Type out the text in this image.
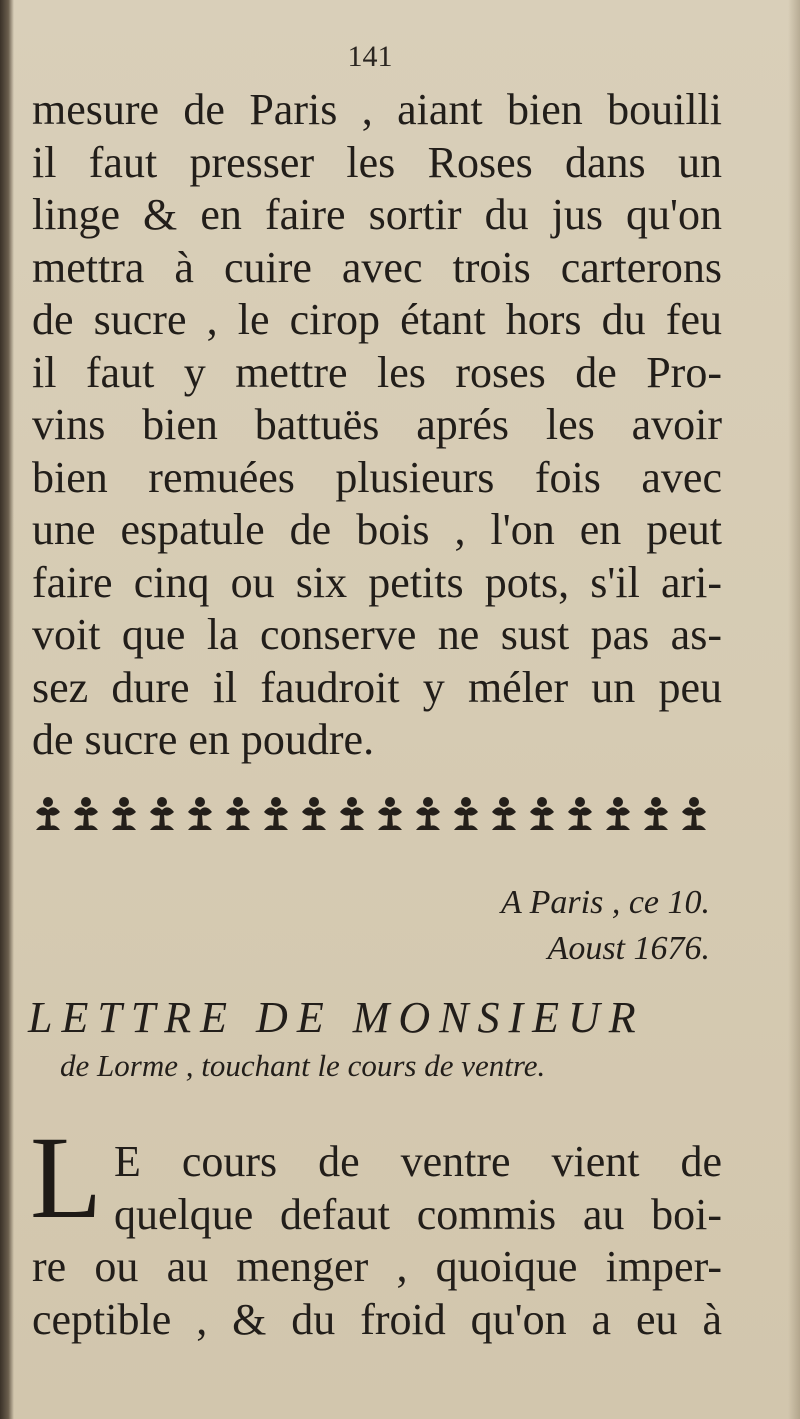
141
mesure de Paris , aiant bien bouilli
il faut presser les Roses dans un
linge & en faire sortir du jus qu'on
mettra à cuire avec trois carterons
de sucre , le cirop étant hors du feu
il faut y mettre les roses de Pro-
vins bien battuës aprés les avoir
bien remuées plusieurs fois avec
une espatule de bois , l'on en peut
faire cinq ou six petits pots, s'il ari-
voit que la conserve ne sust pas as-
sez dure il faudroit y méler un peu
de sucre en poudre.
A Paris , ce 10.
Aoust 1676.
LETTRE DE MONSIEUR
de Lorme , touchant le cours de ventre.
L E cours de ventre vient de
quelque defaut commis au boi-
re ou au menger , quoique imper-
ceptible , & du froid qu'on a eu à
